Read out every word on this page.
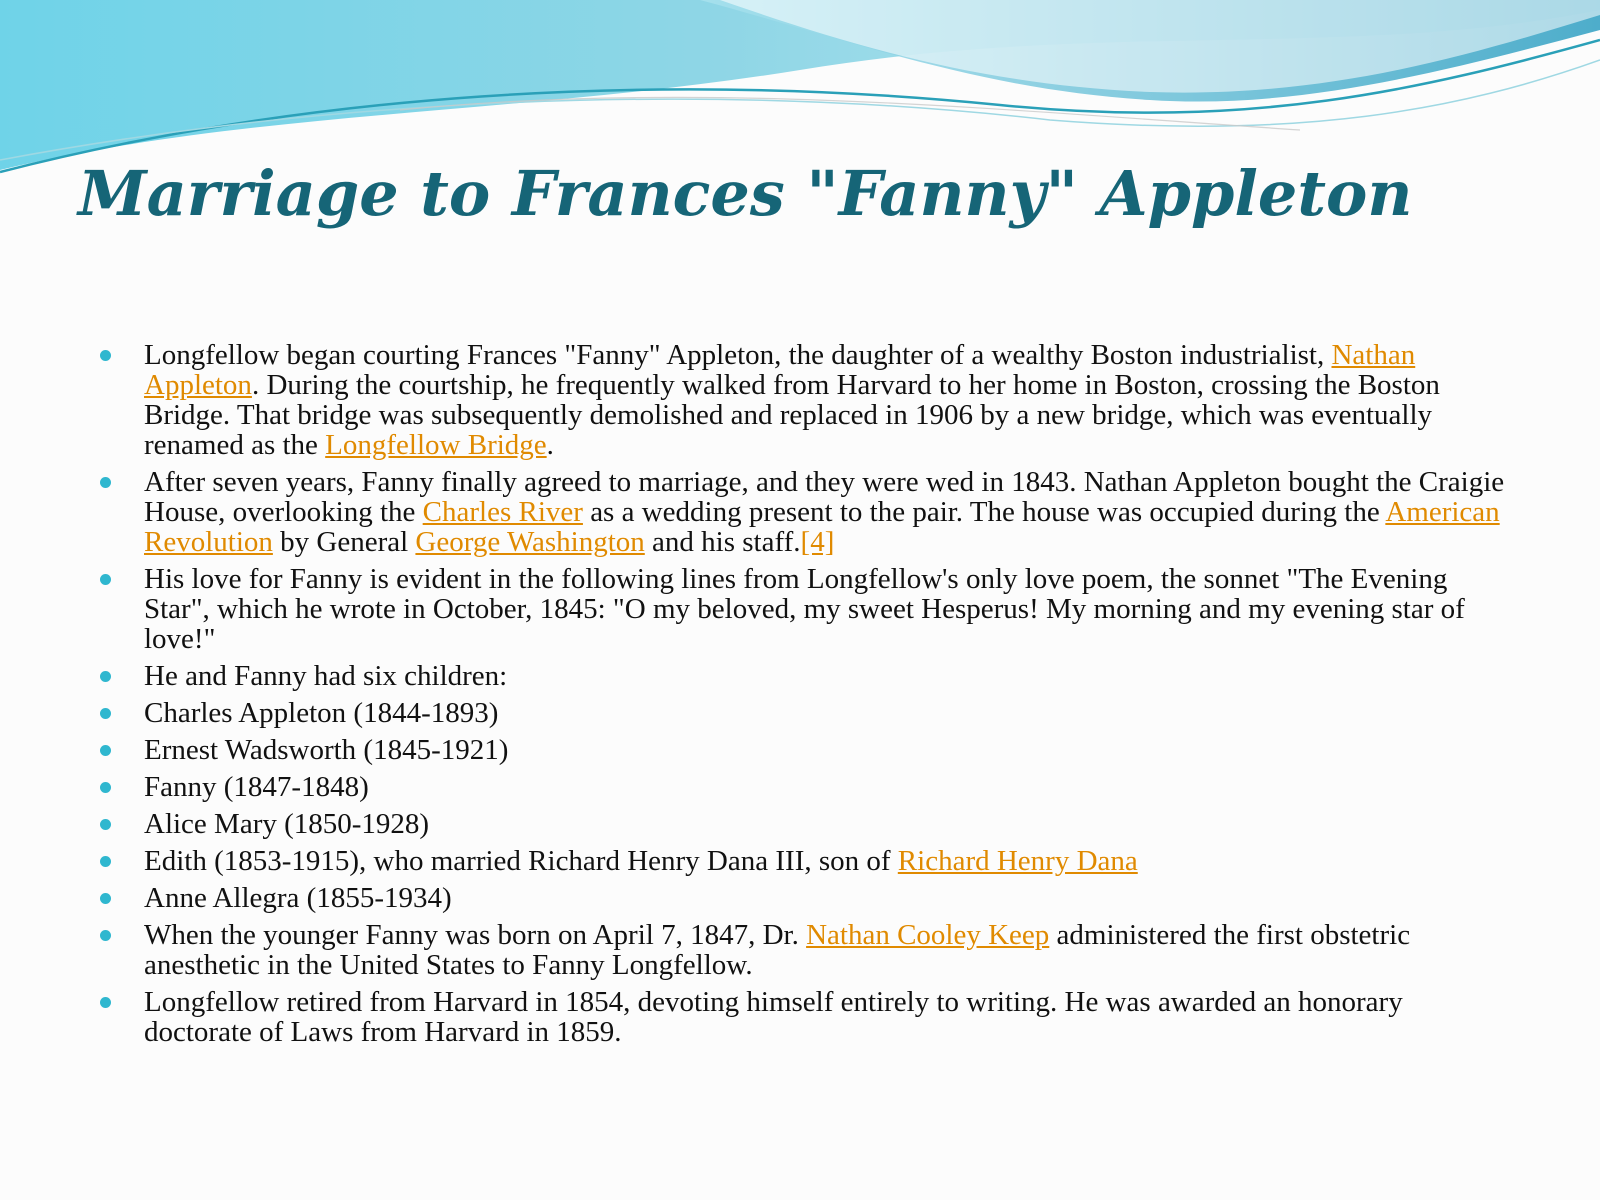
Marriage to Frances "Fanny" Appleton
Longfellow began courting Frances "Fanny" Appleton, the daughter of a wealthy Boston industrialist, Nathan Appleton. During the courtship, he frequently walked from Harvard to her home in Boston, crossing the Boston Bridge. That bridge was subsequently demolished and replaced in 1906 by a new bridge, which was eventually renamed as the Longfellow Bridge.
After seven years, Fanny finally agreed to marriage, and they were wed in 1843. Nathan Appleton bought the Craigie House, overlooking the Charles River as a wedding present to the pair. The house was occupied during the American Revolution by General George Washington and his staff.[4]
His love for Fanny is evident in the following lines from Longfellow's only love poem, the sonnet "The Evening Star", which he wrote in October, 1845: "O my beloved, my sweet Hesperus! My morning and my evening star of love!"
He and Fanny had six children:
Charles Appleton (1844-1893)
Ernest Wadsworth (1845-1921)
Fanny (1847-1848)
Alice Mary (1850-1928)
Edith (1853-1915), who married Richard Henry Dana III, son of Richard Henry Dana
Anne Allegra (1855-1934)
When the younger Fanny was born on April 7, 1847, Dr. Nathan Cooley Keep administered the first obstetric anesthetic in the United States to Fanny Longfellow.
Longfellow retired from Harvard in 1854, devoting himself entirely to writing. He was awarded an honorary doctorate of Laws from Harvard in 1859.
